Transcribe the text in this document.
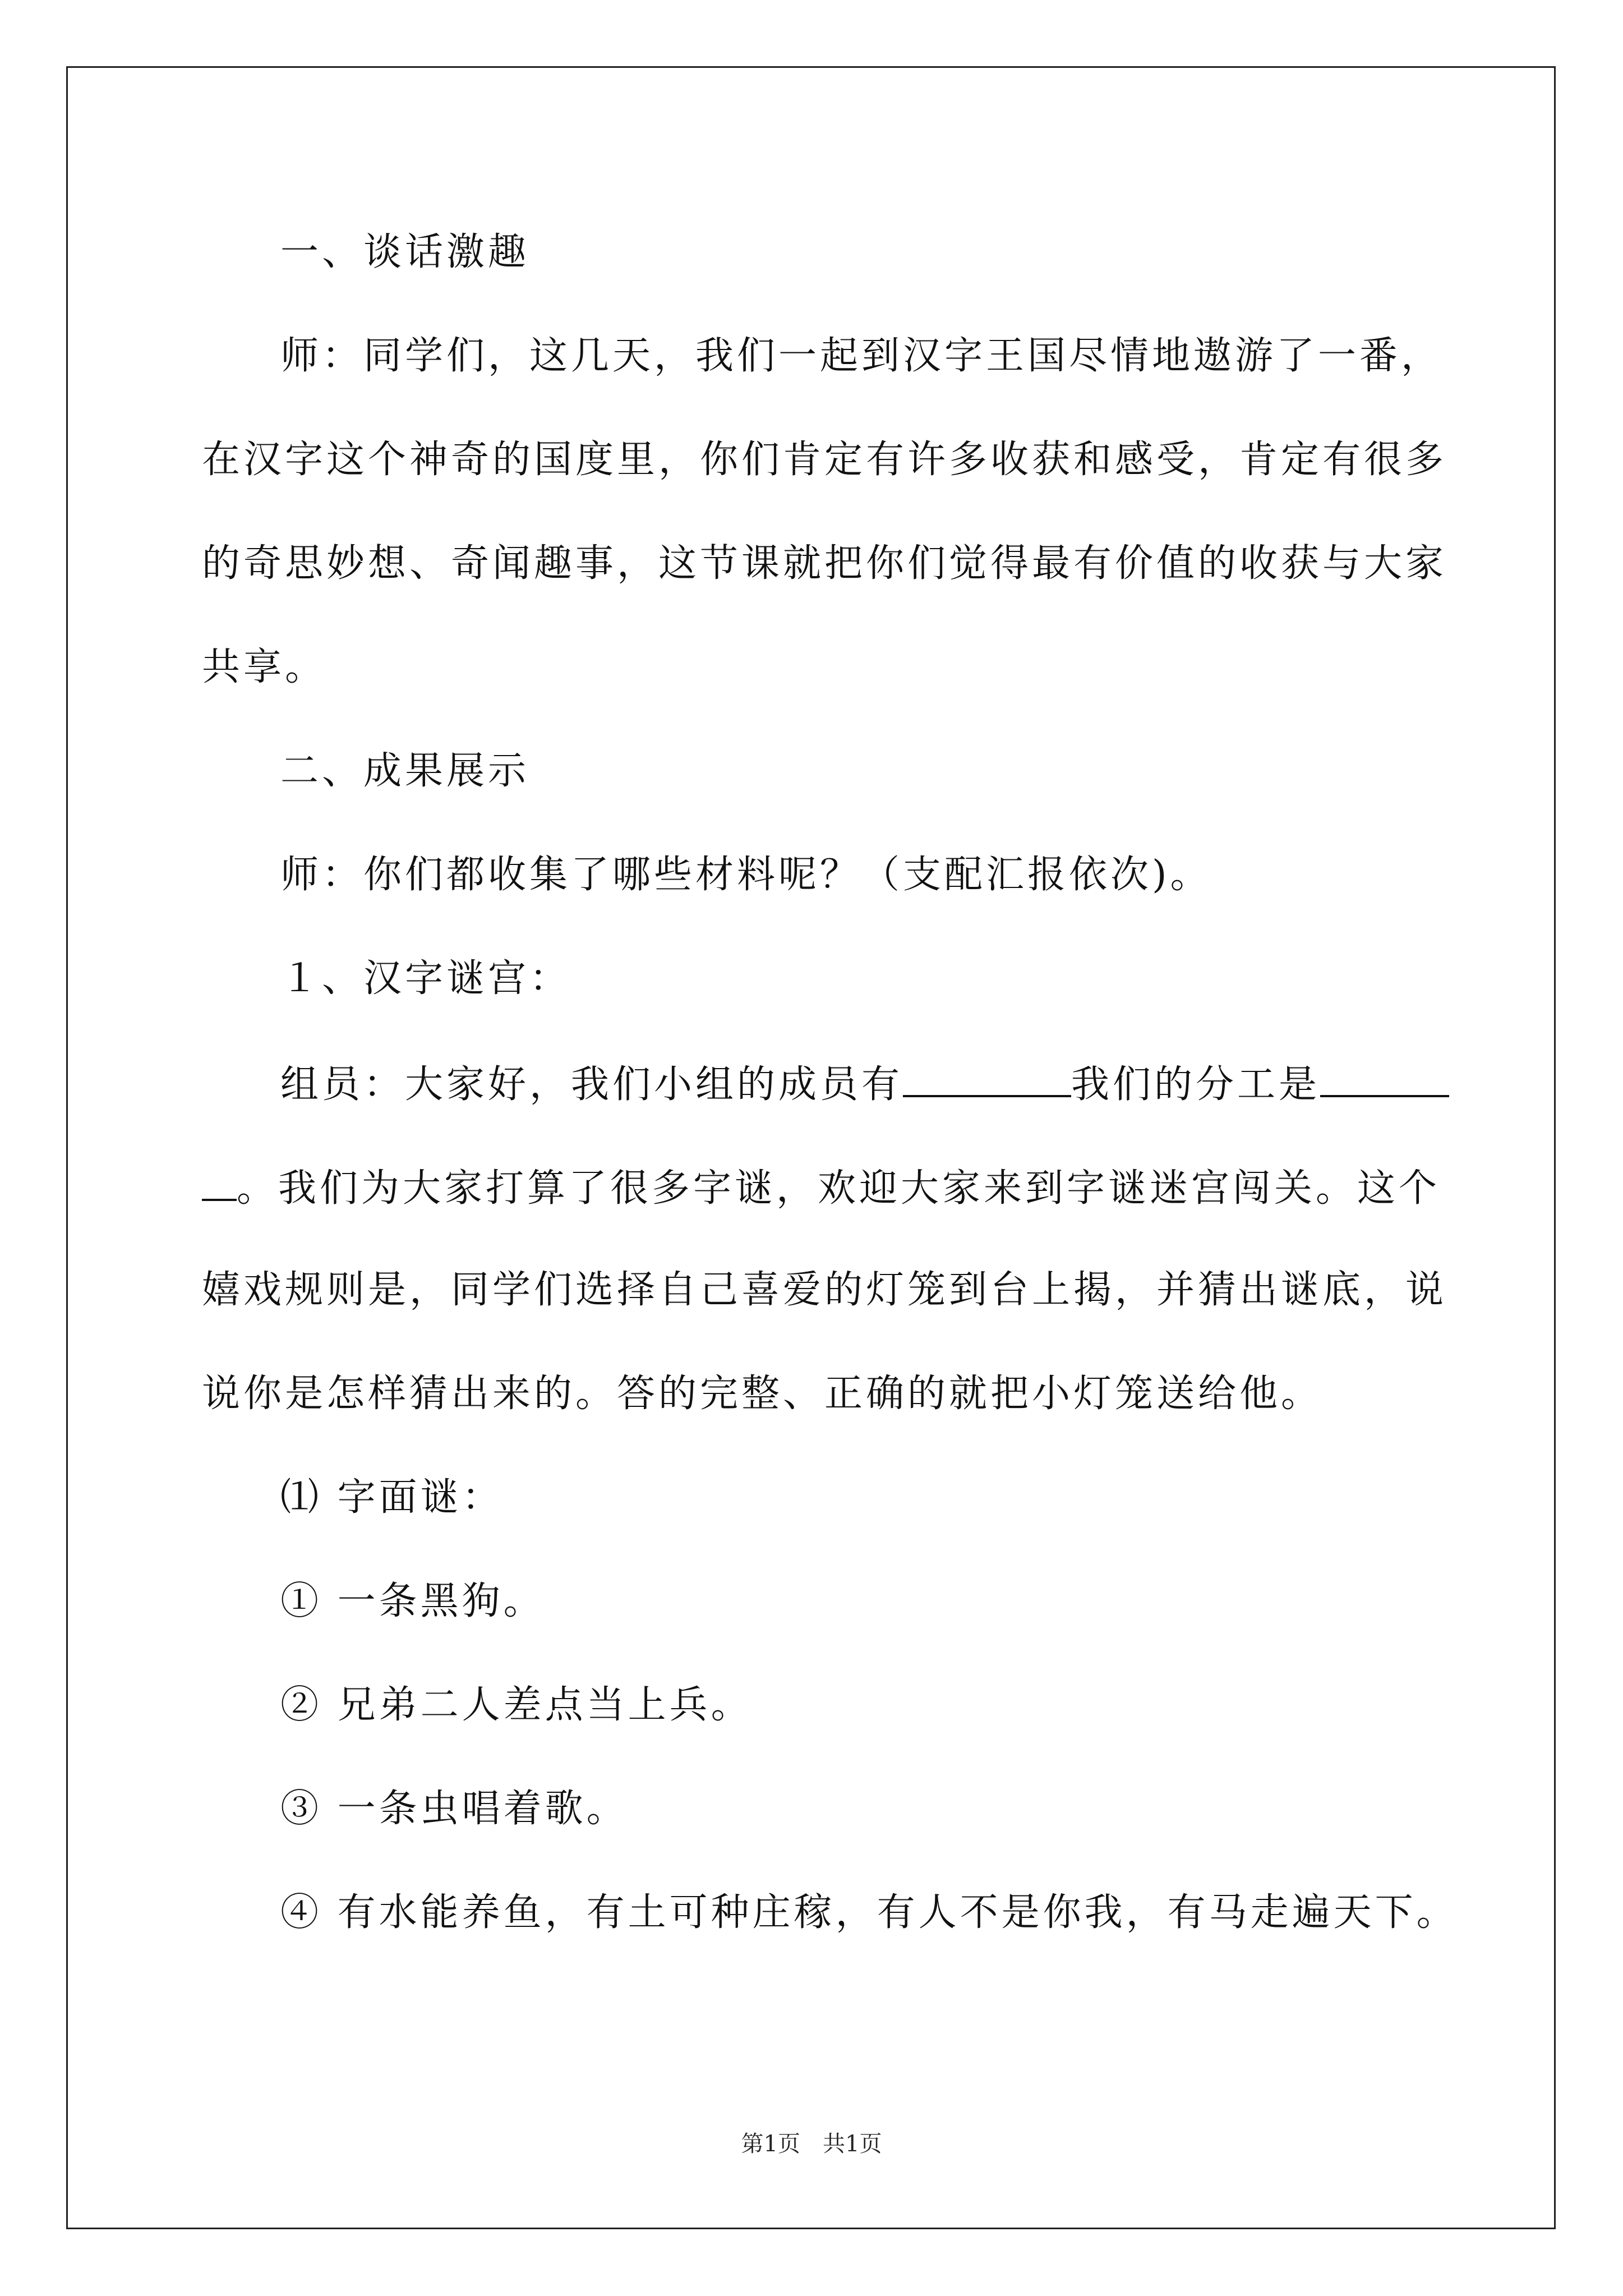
一、谈话激趣
师：同学们，这几天，我们一起到汉字王国尽情地遨游了一番，
在汉字这个神奇的国度里，你们肯定有许多收获和感受，肯定有很多
的奇思妙想、奇闻趣事，这节课就把你们觉得最有价值的收获与大家
共享。
二、成果展示
师：你们都收集了哪些材料呢？（支配汇报依次)。
１、汉字谜宫：
组员：大家好，我们小组的成员有	我们的分工是
。我们为大家打算了很多字谜，欢迎大家来到字谜迷宫闯关。这个
嬉戏规则是，同学们选择自己喜爱的灯笼到台上揭，并猜出谜底，说
说你是怎样猜出来的。答的完整、正确的就把小灯笼送给他。
⑴ 字面谜：
① 一条黑狗。
② 兄弟二人差点当上兵。
③ 一条虫唱着歌。
④ 有水能养鱼，有土可种庄稼，有人不是你我，有马走遍天下。
第1页　共1页
